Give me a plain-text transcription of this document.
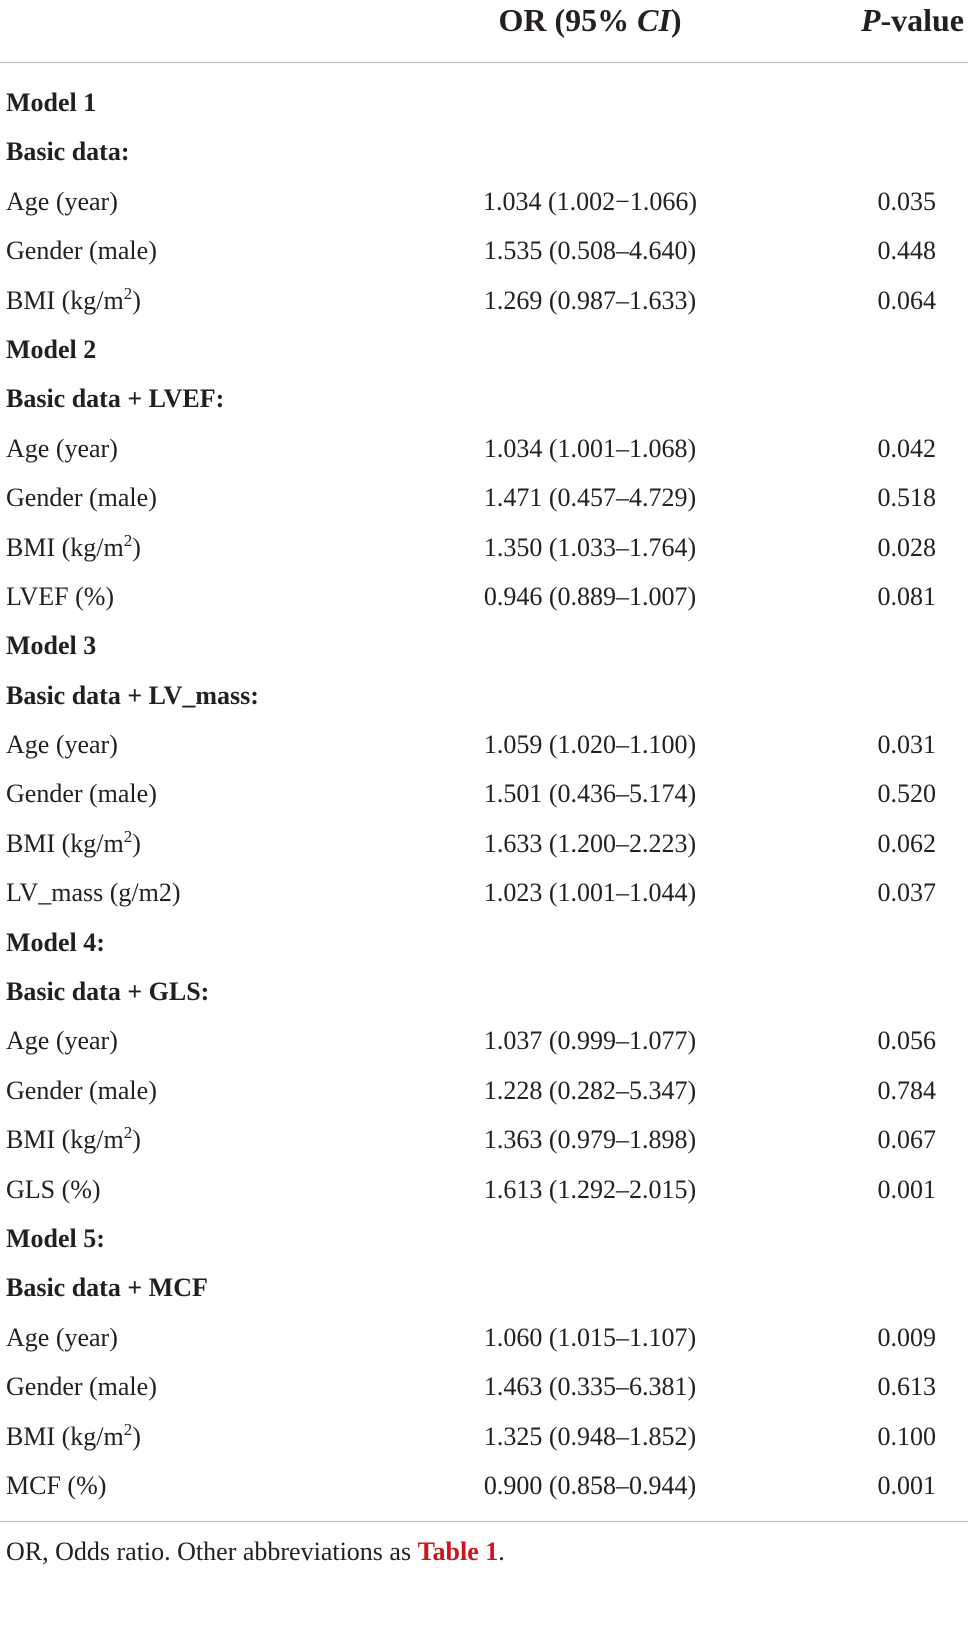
OR (95% CI)	P-value
Model 1
Basic data:
Age (year)	1.034 (1.002−1.066)	0.035
Gender (male)	1.535 (0.508–4.640)	0.448
BMI $(kg/m^2)$	1.269 (0.987–1.633)	0.064
Model 2
Basic data + LVEF:
Age (year)	1.034 (1.001–1.068)	0.042
Gender (male)	1.471 (0.457–4.729)	0.518
BMI $(kg/m^2)$	1.350 (1.033–1.764)	0.028
LVEF (%)	0.946 (0.889–1.007)	0.081
Model 3
Basic data + LV_mass:
Age (year)	1.059 (1.020–1.100)	0.031
Gender (male)	1.501 (0.436–5.174)	0.520
BMI $(kg/m^2)$	1.633 (1.200–2.223)	0.062
LV_mass (g/m2)	1.023 (1.001–1.044)	0.037
Model 4:
Basic data + GLS:
Age (year)	1.037 (0.999–1.077)	0.056
Gender (male)	1.228 (0.282–5.347)	0.784
BMI $(kg/m^2)$	1.363 (0.979–1.898)	0.067
GLS (%)	1.613 (1.292–2.015)	0.001
Model 5:
Basic data + MCF
Age (year)	1.060 (1.015–1.107)	0.009
Gender (male)	1.463 (0.335–6.381)	0.613
BMI $(kg/m^2)$	1.325 (0.948–1.852)	0.100
MCF (%)	0.900 (0.858–0.944)	0.001
OR, Odds ratio. Other abbreviations as Table 1.
